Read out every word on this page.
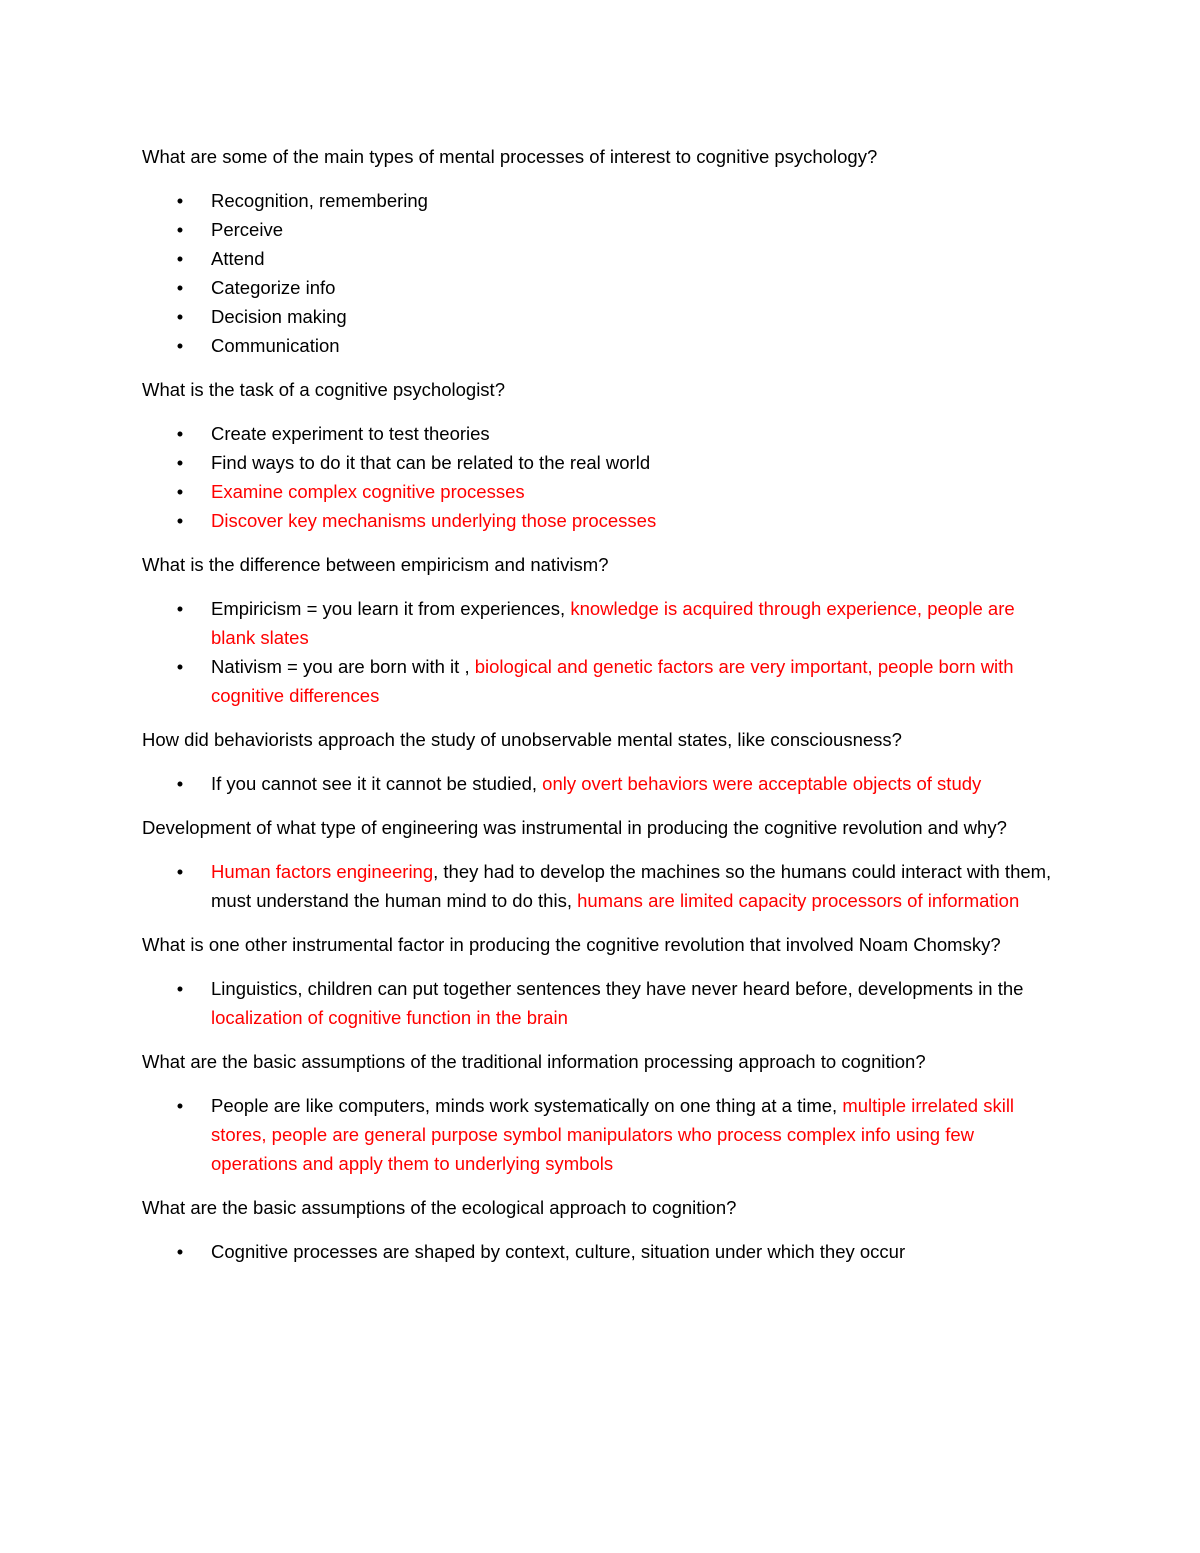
What are some of the main types of mental processes of interest to cognitive psychology?

• Recognition, remembering
• Perceive
• Attend
• Categorize info
• Decision making
• Communication

What is the task of a cognitive psychologist?

• Create experiment to test theories
• Find ways to do it that can be related to the real world
• Examine complex cognitive processes
• Discover key mechanisms underlying those processes

What is the difference between empiricism and nativism?

• Empiricism = you learn it from experiences, knowledge is acquired through experience, people are blank slates
• Nativism = you are born with it , biological and genetic factors are very important, people born with cognitive differences

How did behaviorists approach the study of unobservable mental states, like consciousness?

• If you cannot see it it cannot be studied, only overt behaviors were acceptable objects of study

Development of what type of engineering was instrumental in producing the cognitive revolution and why?

• Human factors engineering, they had to develop the machines so the humans could interact with them, must understand the human mind to do this, humans are limited capacity processors of information

What is one other instrumental factor in producing the cognitive revolution that involved Noam Chomsky?

• Linguistics, children can put together sentences they have never heard before, developments in the localization of cognitive function in the brain

What are the basic assumptions of the traditional information processing approach to cognition?

• People are like computers, minds work systematically on one thing at a time, multiple irrelated skill stores, people are general purpose symbol manipulators who process complex info using few operations and apply them to underlying symbols

What are the basic assumptions of the ecological approach to cognition?

• Cognitive processes are shaped by context, culture, situation under which they occur
